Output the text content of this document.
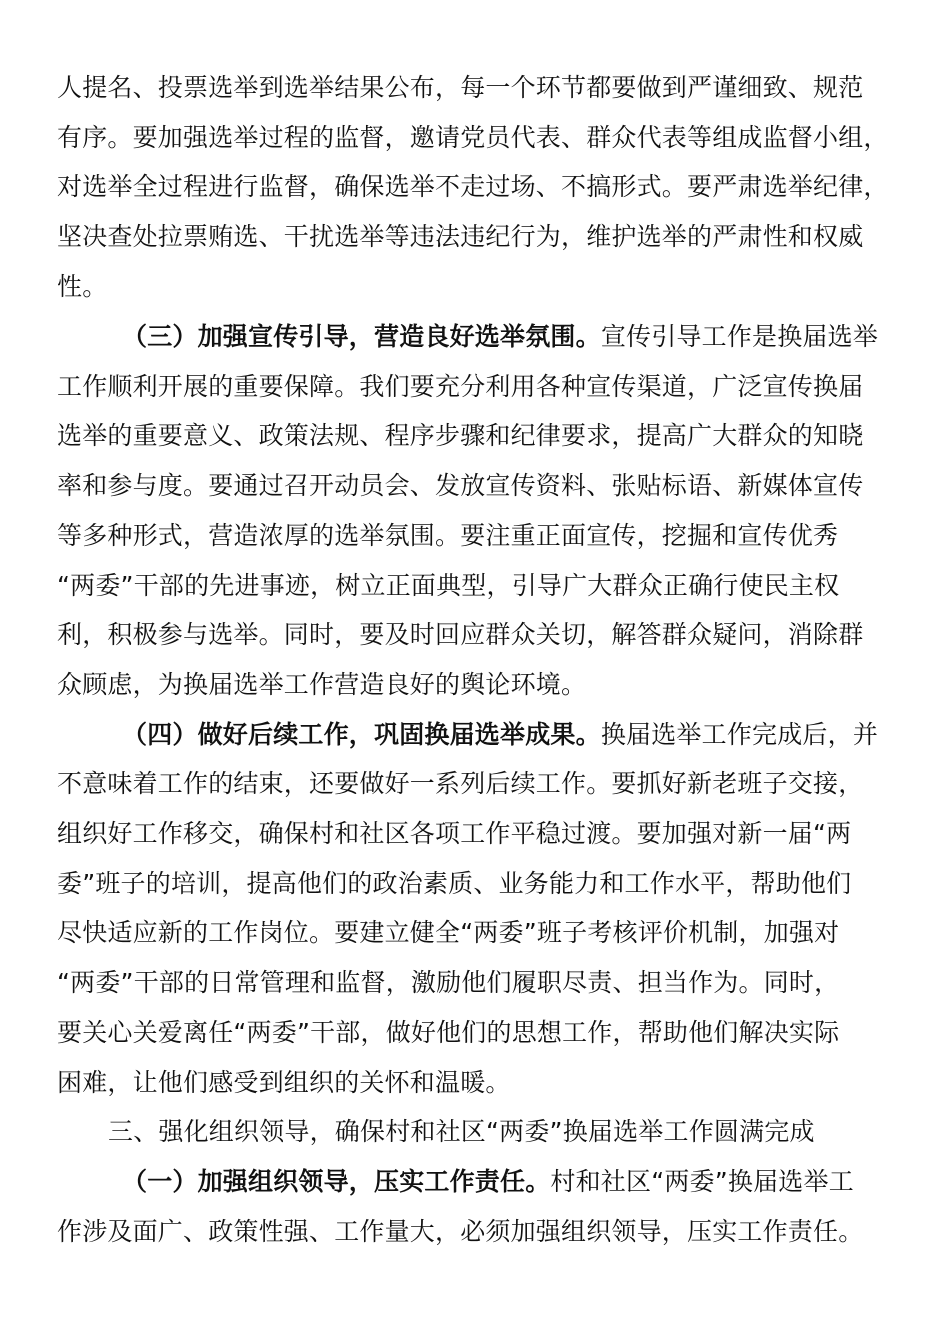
人提名、投票选举到选举结果公布，每一个环节都要做到严谨细致、规范
有序。要加强选举过程的监督，邀请党员代表、群众代表等组成监督小组，
对选举全过程进行监督，确保选举不走过场、不搞形式。要严肃选举纪律，
坚决查处拉票贿选、干扰选举等违法违纪行为，维护选举的严肃性和权威
性。
（三）加强宣传引导，营造良好选举氛围。宣传引导工作是换届选举
工作顺利开展的重要保障。我们要充分利用各种宣传渠道，广泛宣传换届
选举的重要意义、政策法规、程序步骤和纪律要求，提高广大群众的知晓
率和参与度。要通过召开动员会、发放宣传资料、张贴标语、新媒体宣传
等多种形式，营造浓厚的选举氛围。要注重正面宣传，挖掘和宣传优秀
“两委”干部的先进事迹，树立正面典型，引导广大群众正确行使民主权
利，积极参与选举。同时，要及时回应群众关切，解答群众疑问，消除群
众顾虑，为换届选举工作营造良好的舆论环境。
（四）做好后续工作，巩固换届选举成果。换届选举工作完成后，并
不意味着工作的结束，还要做好一系列后续工作。要抓好新老班子交接，
组织好工作移交，确保村和社区各项工作平稳过渡。要加强对新一届“两
委”班子的培训，提高他们的政治素质、业务能力和工作水平，帮助他们
尽快适应新的工作岗位。要建立健全“两委”班子考核评价机制，加强对
“两委”干部的日常管理和监督，激励他们履职尽责、担当作为。同时，
要关心关爱离任“两委”干部，做好他们的思想工作，帮助他们解决实际
困难，让他们感受到组织的关怀和温暖。
三、强化组织领导，确保村和社区“两委”换届选举工作圆满完成
（一）加强组织领导，压实工作责任。村和社区“两委”换届选举工
作涉及面广、政策性强、工作量大，必须加强组织领导，压实工作责任。
